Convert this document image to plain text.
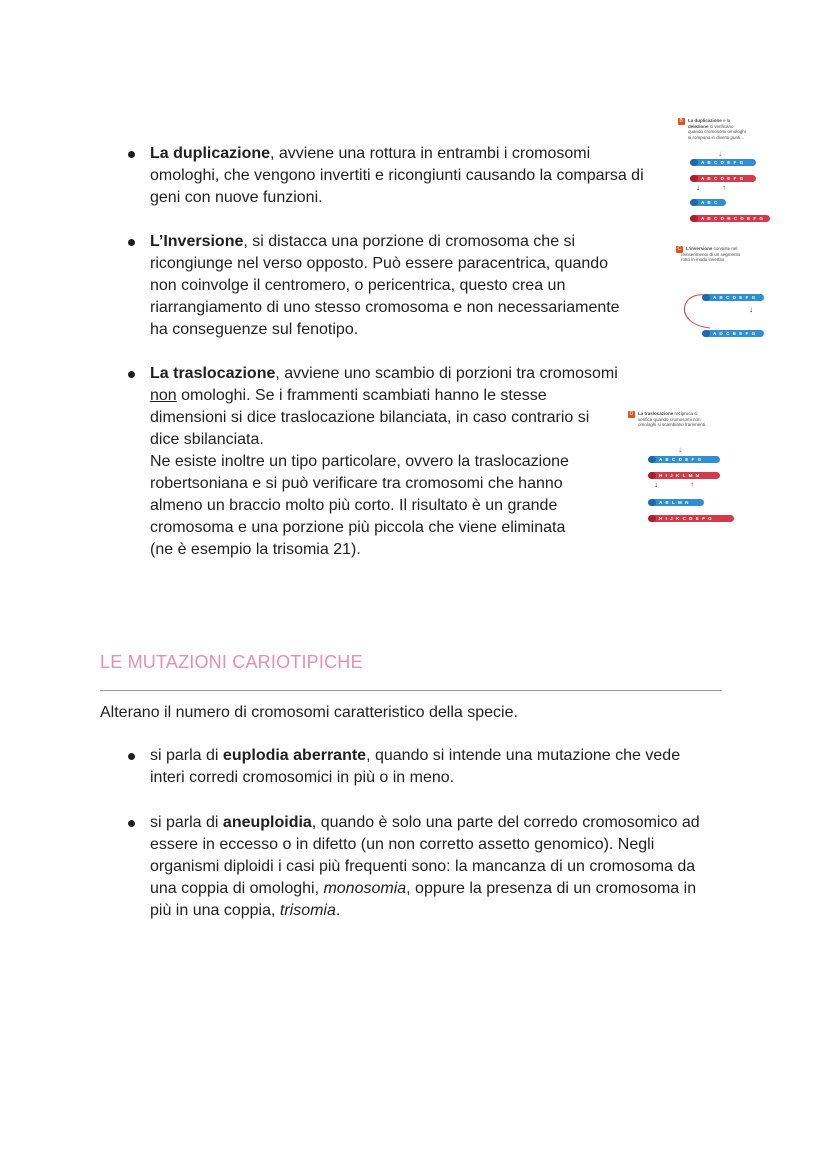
La duplicazione, avviene una rottura in entrambi i cromosomi
omologhi, che vengono invertiti e ricongiunti causando la comparsa di
geni con nuove funzioni.
L’Inversione, si distacca una porzione di cromosoma che si
ricongiunge nel verso opposto. Può essere paracentrica, quando
non coinvolge il centromero, o pericentrica, questo crea un
riarrangiamento di uno stesso cromosoma e non necessariamente
ha conseguenze sul fenotipo.
La traslocazione, avviene uno scambio di porzioni tra cromosomi
non omologhi. Se i frammenti scambiati hanno le stesse
dimensioni si dice traslocazione bilanciata, in caso contrario si
dice sbilanciata.
Ne esiste inoltre un tipo particolare, ovvero la traslocazione
robertsoniana e si può verificare tra cromosomi che hanno
almeno un braccio molto più corto. Il risultato è un grande
cromosoma e una porzione più piccola che viene eliminata
(ne è esempio la trisomia 21).
B La duplicazione e la

delezione si verificano

quando cromosomi omologhi

si rompono in diversi punti...

↓
A B C D E F G
A B C D E F G
↓	↑
A B C
A B C D B C D E F G
C	L'inversione consiste nel

reinserimento di un segmento

rotto in modo invertito.

A B C D E F G
↓
A D C B E F G
D La traslocazione reciproca si

verifica quando cromosomi non

omologhi si scambiano frammenti.

↓
A B C D E F G
H I J K L M N
↓	↑
A B L M N
H I J K C D E F G
LE MUTAZIONI CARIOTIPICHE
Alterano il numero di cromosomi caratteristico della specie.
si parla di euplodia aberrante, quando si intende una mutazione che vede
interi corredi cromosomici in più o in meno.
si parla di aneuploidia, quando è solo una parte del corredo cromosomico ad
essere in eccesso o in difetto (un non corretto assetto genomico). Negli
organismi diploidi i casi più frequenti sono: la mancanza di un cromosoma da
una coppia di omologhi, monosomia, oppure la presenza di un cromosoma in
più in una coppia, trisomia.
